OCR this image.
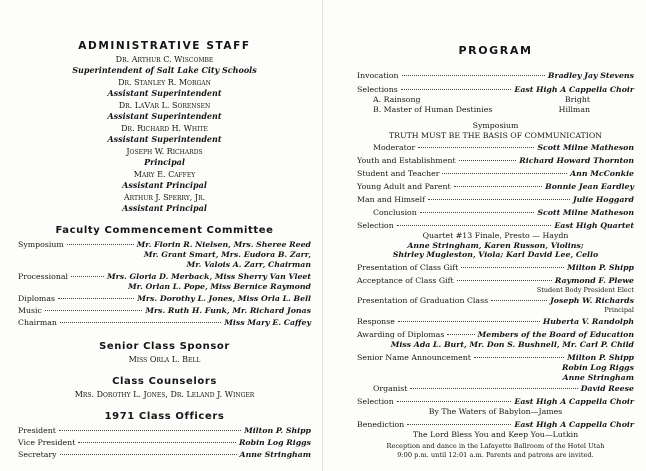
ADMINISTRATIVE STAFF
Dr. Arthur C. Wiscombe
Superintendent of Salt Lake City Schools
Dr. Stanley R. Morgan
Assistant Superintendent
Dr. LaVar L. Sorensen
Assistant Superintendent
Dr. Richard H. White
Assistant Superintendent
Joseph W. Richards
Principal
Mary E. Caffey
Assistant Principal
Arthur J. Sperry, Jr.
Assistant Principal
Faculty Commencement Committee
Symposium	Mr. Florin R. Nielsen, Mrs. Sheree Reed
Mr. Grant Smart, Mrs. Eudora B. Zarr,
Mr. Valois A. Zarr, Chairman
Processional	Mrs. Gloria D. Merback, Miss Sherry Van Vleet
Mr. Orlan L. Pope, Miss Bernice Raymond
Diplomas	Mrs. Dorothy L. Jones, Miss Orla L. Bell
Music	Mrs. Ruth H. Funk, Mr. Richard Jonas
Chairman	Miss Mary E. Caffey
Senior Class Sponsor
Miss Orla L. Bell
Class Counselors
Mrs. Dorothy L. Jones, Dr. Leland J. Winger
1971 Class Officers
President	Milton P. Shipp
Vice President	Robin Log Riggs
Secretary	Anne Stringham
PROGRAM
Invocation	Bradley Jay Stevens
Selections	East High A Cappella Choir
A. Rainsong	Bright
B. Master of Human Destinies	Hillman
Symposium
TRUTH MUST BE THE BASIS OF COMMUNICATION
Moderator	Scott Milne Matheson
Youth and Establishment	Richard Howard Thornton
Student and Teacher	Ann McConkie
Young Adult and Parent	Bonnie Jean Eardley
Man and Himself	Julie Hoggard
Conclusion	Scott Milne Matheson
Selection	East High Quartet
Quartet #13 Finale, Presto — Haydn
Anne Stringham, Karen Russon, Violins;
Shirley Mugleston, Viola; Karl David Lee, Cello
Presentation of Class Gift	Milton P. Shipp
Acceptance of Class Gift	Raymond F. Plewe
Student Body President Elect
Presentation of Graduation Class	Joseph W. Richards
Principal
Response	Huberta V. Randolph
Awarding of Diplomas	Members of the Board of Education
Miss Ada L. Burt, Mr. Don S. Bushnell, Mr. Carl P. Child
Senior Name Announcement	Milton P. Shipp
Robin Log Riggs
Anne Stringham
Organist	David Reese
Selection	East High A Cappella Choir
By The Waters of Babylon—James
Benediction	East High A Cappella Choir
The Lord Bless You and Keep You—Lutkin
Reception and dance in the Lafayette Ballroom of the Hotel Utah
9:00 p.m. until 12:01 a.m. Parents and patrons are invited.
